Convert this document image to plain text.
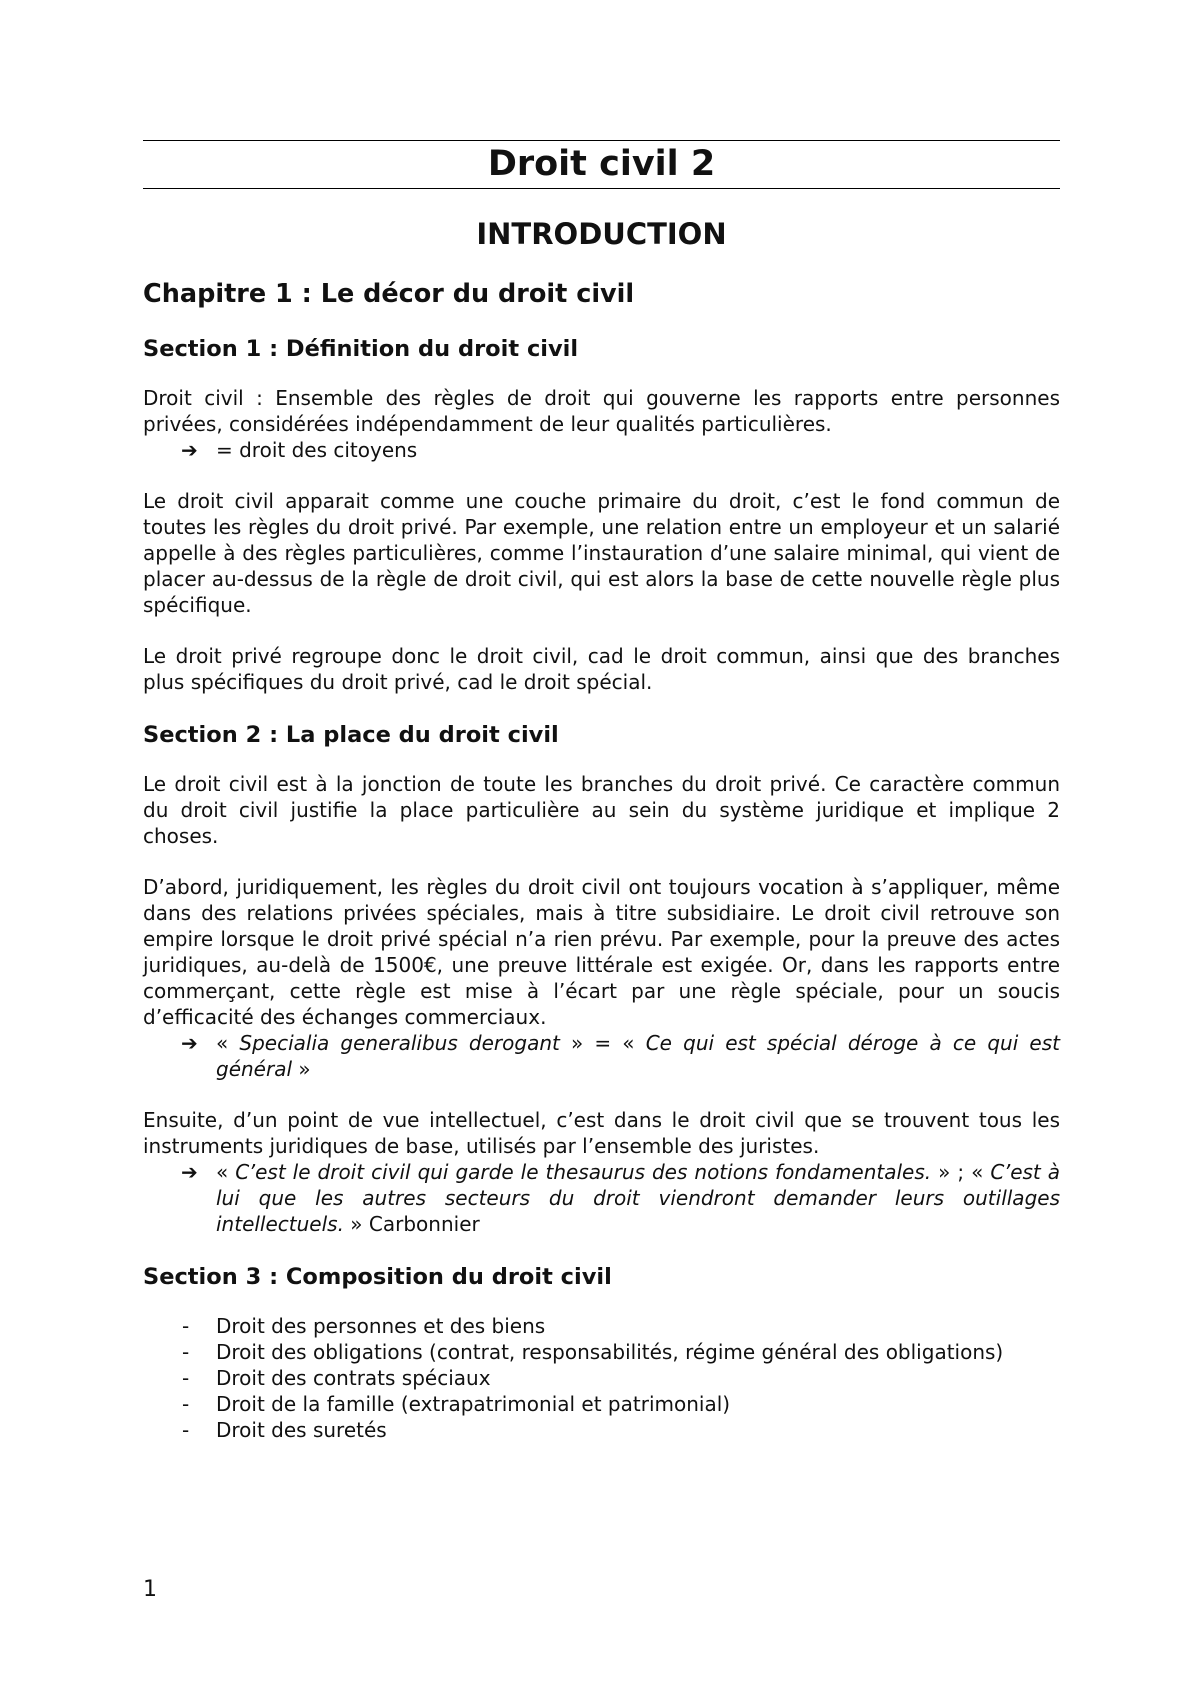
Droit civil 2
INTRODUCTION
Chapitre 1 : Le décor du droit civil
Section 1 : Définition du droit civil

Droit civil : Ensemble des règles de droit qui gouverne les rapports entre personnes privées, considérées indépendamment de leur qualités particulières.

➔ = droit des citoyens

Le droit civil apparait comme une couche primaire du droit, c’est le fond commun de toutes les règles du droit privé. Par exemple, une relation entre un employeur et un salarié appelle à des règles particulières, comme l’instauration d’une salaire minimal, qui vient de placer au-dessus de la règle de droit civil, qui est alors la base de cette nouvelle règle plus spécifique.

Le droit privé regroupe donc le droit civil, cad le droit commun, ainsi que des branches plus spécifiques du droit privé, cad le droit spécial.

Section 2 : La place du droit civil

Le droit civil est à la jonction de toute les branches du droit privé. Ce caractère commun du droit civil justifie la place particulière au sein du système juridique et implique 2 choses.

D’abord, juridiquement, les règles du droit civil ont toujours vocation à s’appliquer, même dans des relations privées spéciales, mais à titre subsidiaire. Le droit civil retrouve son empire lorsque le droit privé spécial n’a rien prévu. Par exemple, pour la preuve des actes juridiques, au-delà de 1500€, une preuve littérale est exigée. Or, dans les rapports entre commerçant, cette règle est mise à l’écart par une règle spéciale, pour un soucis d’efficacité des échanges commerciaux.

➔ « Specialia generalibus derogant » = « Ce qui est spécial déroge à ce qui est général »

Ensuite, d’un point de vue intellectuel, c’est dans le droit civil que se trouvent tous les instruments juridiques de base, utilisés par l’ensemble des juristes.

➔ « C’est le droit civil qui garde le thesaurus des notions fondamentales. » ; « C’est à lui que les autres secteurs du droit viendront demander leurs outillages intellectuels. » Carbonnier
Section 3 : Composition du droit civil
- Droit des personnes et des biens
- Droit des obligations (contrat, responsabilités, régime général des obligations)
- Droit des contrats spéciaux
- Droit de la famille (extrapatrimonial et patrimonial)
- Droit des suretés
1
